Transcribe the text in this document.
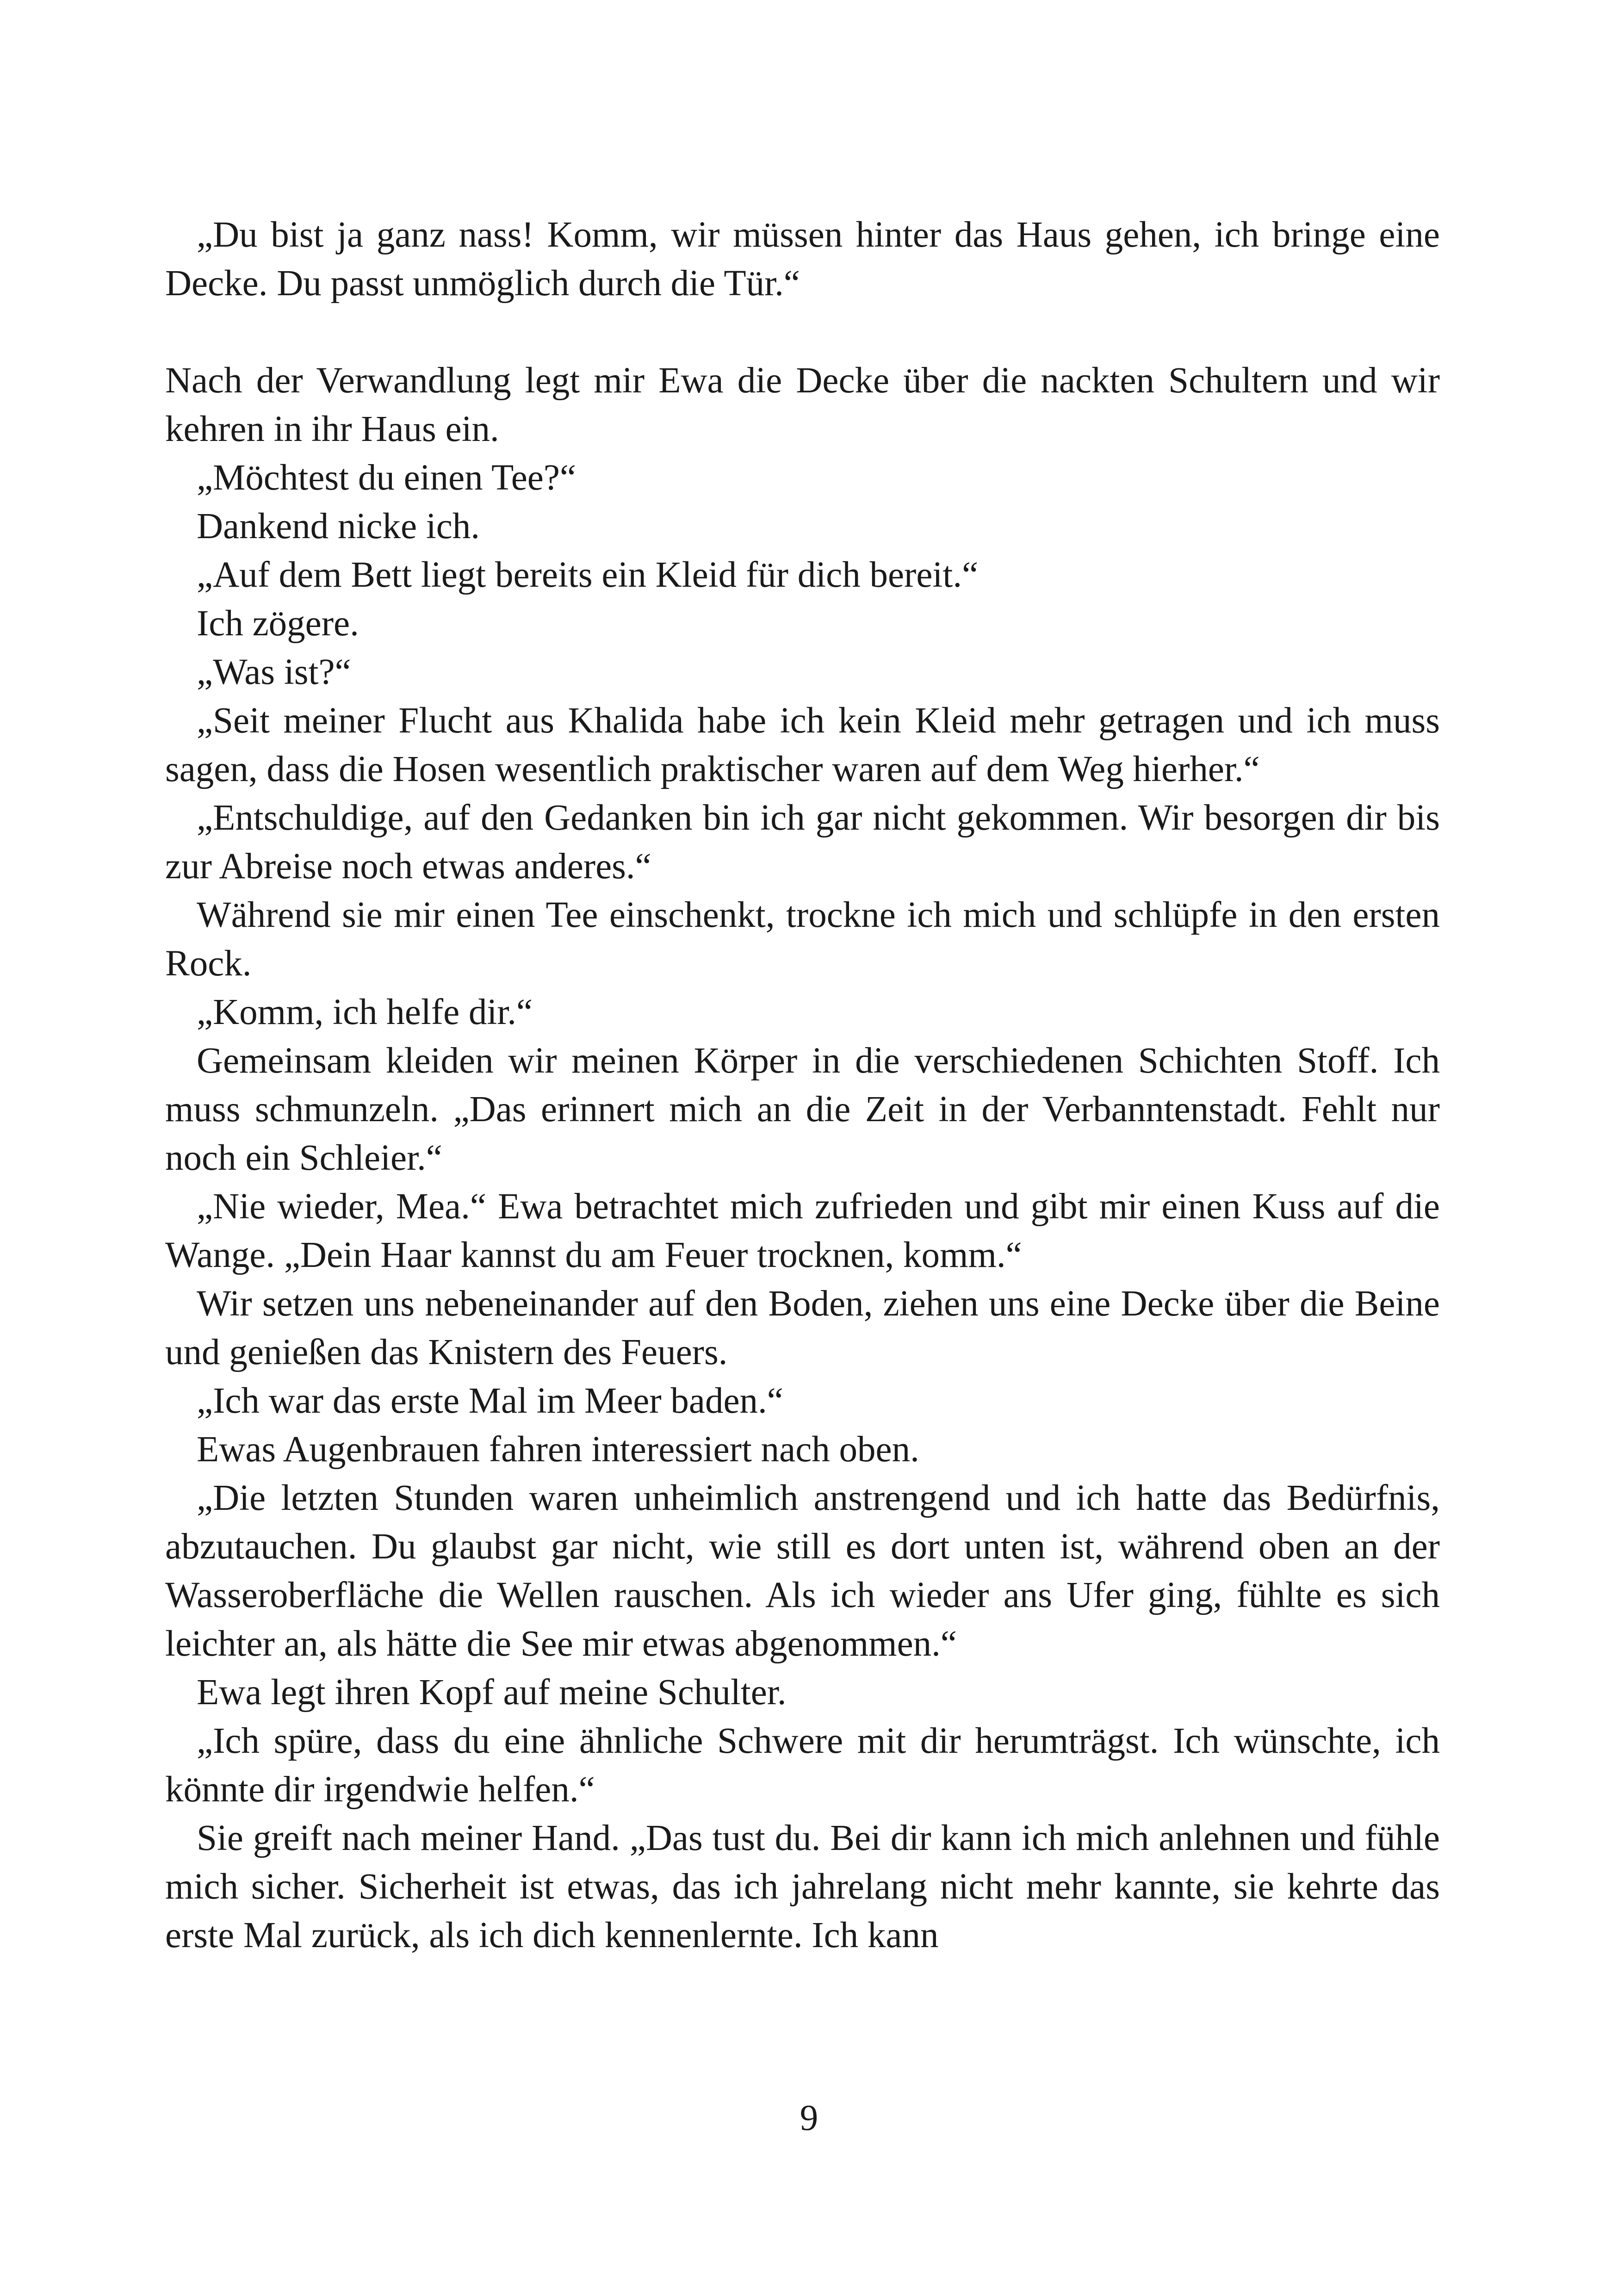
„Du bist ja ganz nass! Komm, wir müssen hinter das Haus gehen, ich bringe eine Decke. Du passt unmöglich durch die Tür.“

Nach der Verwandlung legt mir Ewa die Decke über die nackten Schultern und wir kehren in ihr Haus ein.

„Möchtest du einen Tee?“

Dankend nicke ich.

„Auf dem Bett liegt bereits ein Kleid für dich bereit.“

Ich zögere.

„Was ist?“

„Seit meiner Flucht aus Khalida habe ich kein Kleid mehr getragen und ich muss sagen, dass die Hosen wesentlich praktischer waren auf dem Weg hierher.“

„Entschuldige, auf den Gedanken bin ich gar nicht gekommen. Wir besorgen dir bis zur Abreise noch etwas anderes.“

Während sie mir einen Tee einschenkt, trockne ich mich und schlüpfe in den ersten Rock.

„Komm, ich helfe dir.“

Gemeinsam kleiden wir meinen Körper in die verschiedenen Schichten Stoff. Ich muss schmunzeln. „Das erinnert mich an die Zeit in der Verbanntenstadt. Fehlt nur noch ein Schleier.“

„Nie wieder, Mea.“ Ewa betrachtet mich zufrieden und gibt mir einen Kuss auf die Wange. „Dein Haar kannst du am Feuer trocknen, komm.“

Wir setzen uns nebeneinander auf den Boden, ziehen uns eine Decke über die Beine und genießen das Knistern des Feuers.

„Ich war das erste Mal im Meer baden.“

Ewas Augenbrauen fahren interessiert nach oben.

„Die letzten Stunden waren unheimlich anstrengend und ich hatte das Bedürfnis, abzutauchen. Du glaubst gar nicht, wie still es dort unten ist, während oben an der Wasseroberfläche die Wellen rauschen. Als ich wieder ans Ufer ging, fühlte es sich leichter an, als hätte die See mir etwas abgenommen.“

Ewa legt ihren Kopf auf meine Schulter.

„Ich spüre, dass du eine ähnliche Schwere mit dir herumträgst. Ich wünschte, ich könnte dir irgendwie helfen.“

Sie greift nach meiner Hand. „Das tust du. Bei dir kann ich mich anlehnen und fühle mich sicher. Sicherheit ist etwas, das ich jahrelang nicht mehr kannte, sie kehrte das erste Mal zurück, als ich dich kennenlernte. Ich kann

9
